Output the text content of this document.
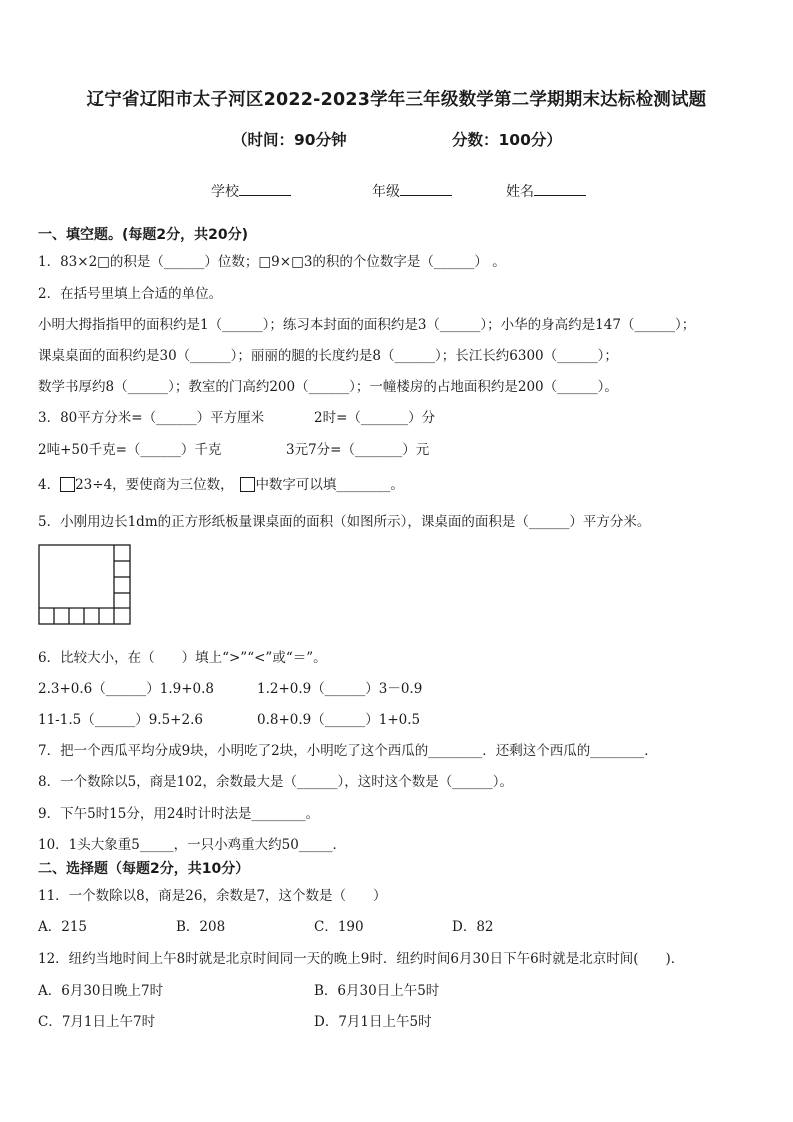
辽宁省辽阳市太子河区2022-2023学年三年级数学第二学期期末达标检测试题
（时间：90分钟	分数：100分）
学校	年级	姓名
一、填空题。(每题2分，共20分)
1．83×2□的积是（______）位数；□9×□3的积的个位数字是（______） 。
2．在括号里填上合适的单位。
小明大拇指指甲的面积约是1（______）；练习本封面的面积约是3（______）；小华的身高约是147（______）；
课桌桌面的面积约是30（______）；丽丽的腿的长度约是8（______）；长江长约6300（______）；
数学书厚约8（______）；教室的门高约200（______）；一幢楼房的占地面积约是200（______）。
3．80平方分米=（______）平方厘米	2时=（_______）分
2吨+50千克=（______）千克	3元7分=（_______）元
4． 23÷4，要使商为三位数，　 中数字可以填________。
5．小刚用边长1dm的正方形纸板量课桌面的面积（如图所示），课桌面的面积是（______）平方分米。
6．比较大小，在（　　）填上“>”“<”或“＝”。
2.3+0.6（______）1.9+0.8	1.2+0.9（______）3－0.9
11-1.5（______）9.5+2.6	0.8+0.9（______）1+0.5
7．把一个西瓜平均分成9块，小明吃了2块，小明吃了这个西瓜的________．还剩这个西瓜的________．
8．一个数除以5，商是102，余数最大是（______），这时这个数是（______）。
9．下午5时15分，用24时计时法是________。
10．1头大象重5_____，一只小鸡重大约50_____．
二、选择题（每题2分，共10分）
11．一个数除以8，商是26，余数是7，这个数是（　　）
A．215	B．208	C．190	D．82
12．纽约当地时间上午8时就是北京时间同一天的晚上9时．纽约时间6月30日下午6时就是北京时间(　　)．
A．6月30日晚上7时	B．6月30日上午5时
C．7月1日上午7时	D．7月1日上午5时
